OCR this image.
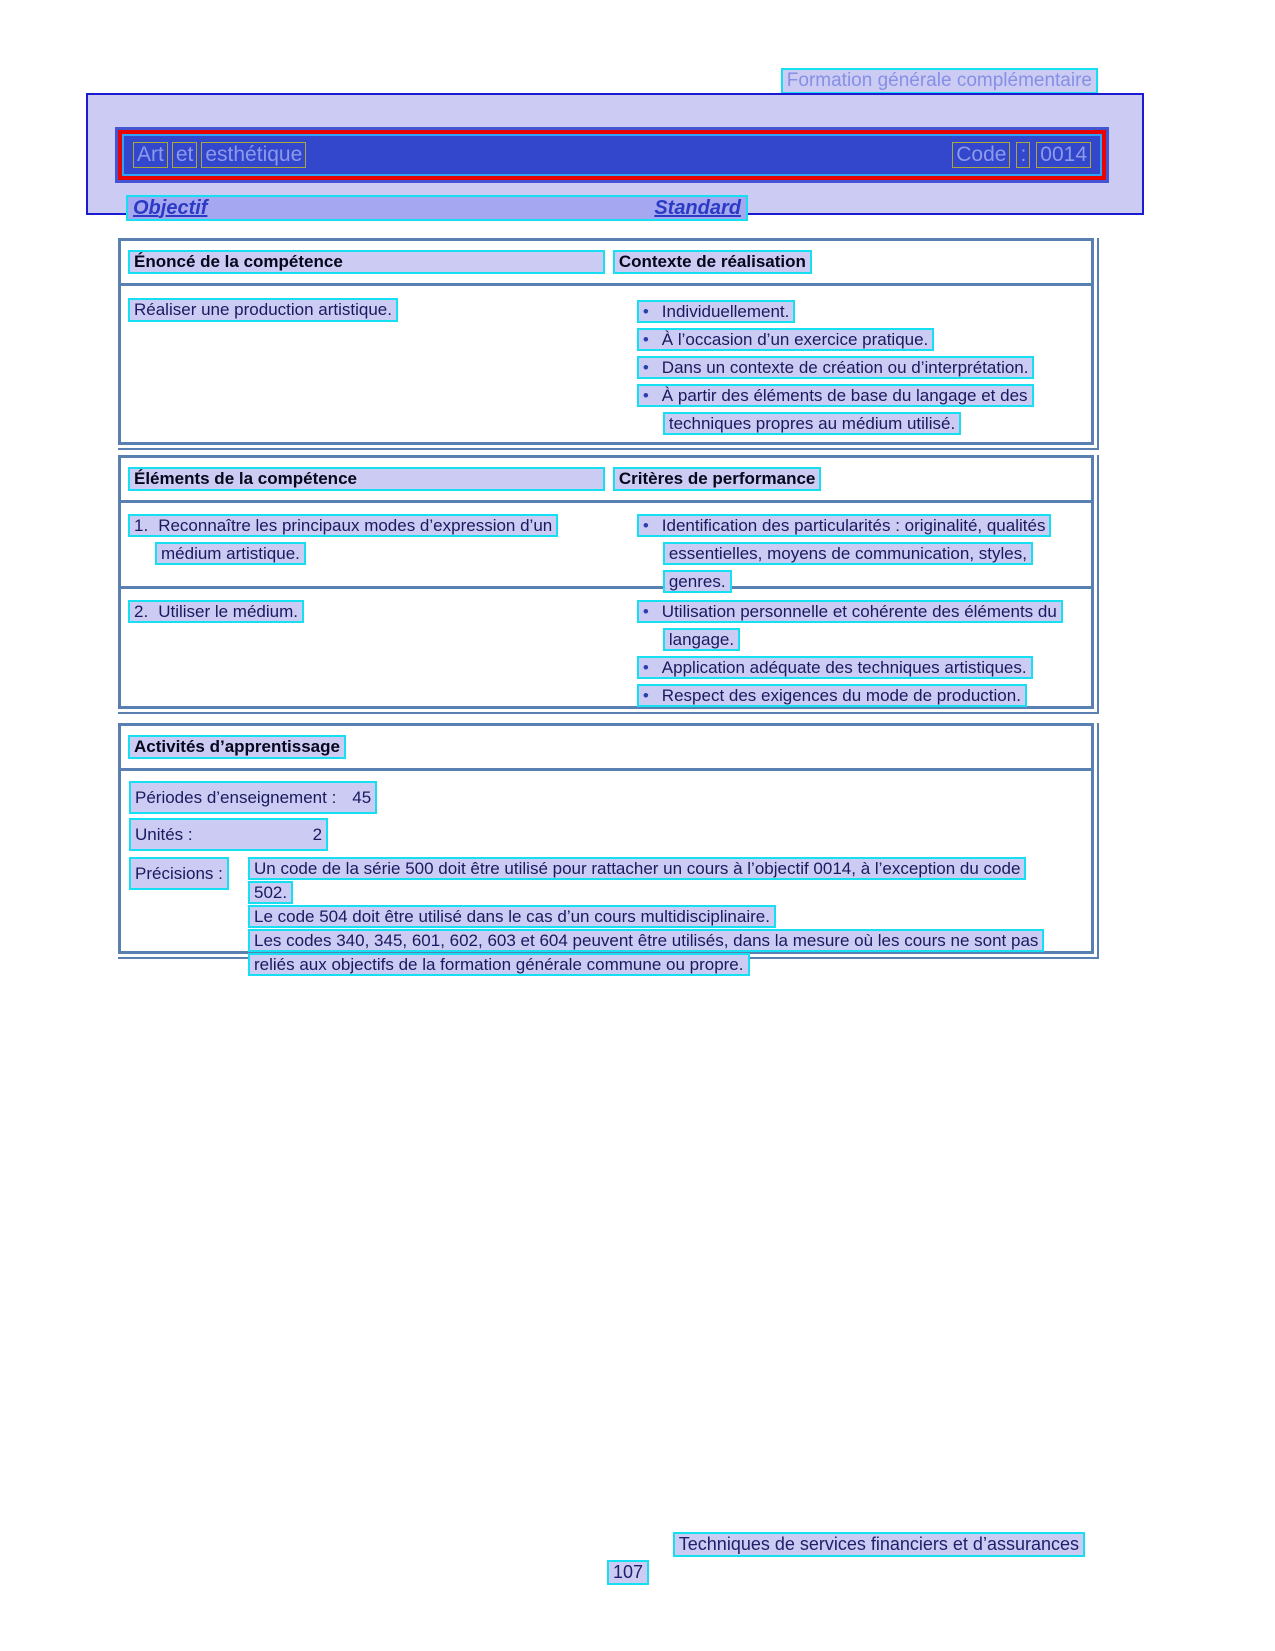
Formation générale complémentaire
Art et esthétique	Code : 0014
Objectif	Standard
Énoncé de la compétence	Contexte de réalisation
Réaliser une production artistique.	• Individuellement.
• À l’occasion d’un exercice pratique.
• Dans un contexte de création ou d’interprétation.
• À partir des éléments de base du langage et des techniques propres au médium utilisé.
Éléments de la compétence	Critères de performance
1. Reconnaître les principaux modes d’expression d’un médium artistique.
• Identification des particularités : originalité, qualités essentielles, moyens de communication, styles, genres.
2. Utiliser le médium.	• Utilisation personnelle et cohérente des éléments du langage.
• Application adéquate des techniques artistiques.
• Respect des exigences du mode de production.
Activités d’apprentissage
Périodes d’enseignement : 45
Unités :	2
Précisions :	Un code de la série 500 doit être utilisé pour rattacher un cours à l’objectif 0014, à l’exception du code 502.

Le code 504 doit être utilisé dans le cas d’un cours multidisciplinaire.

Les codes 340, 345, 601, 602, 603 et 604 peuvent être utilisés, dans la mesure où les cours ne sont pas reliés aux objectifs de la formation générale commune ou propre.

Techniques de services financiers et d’assurances
107
